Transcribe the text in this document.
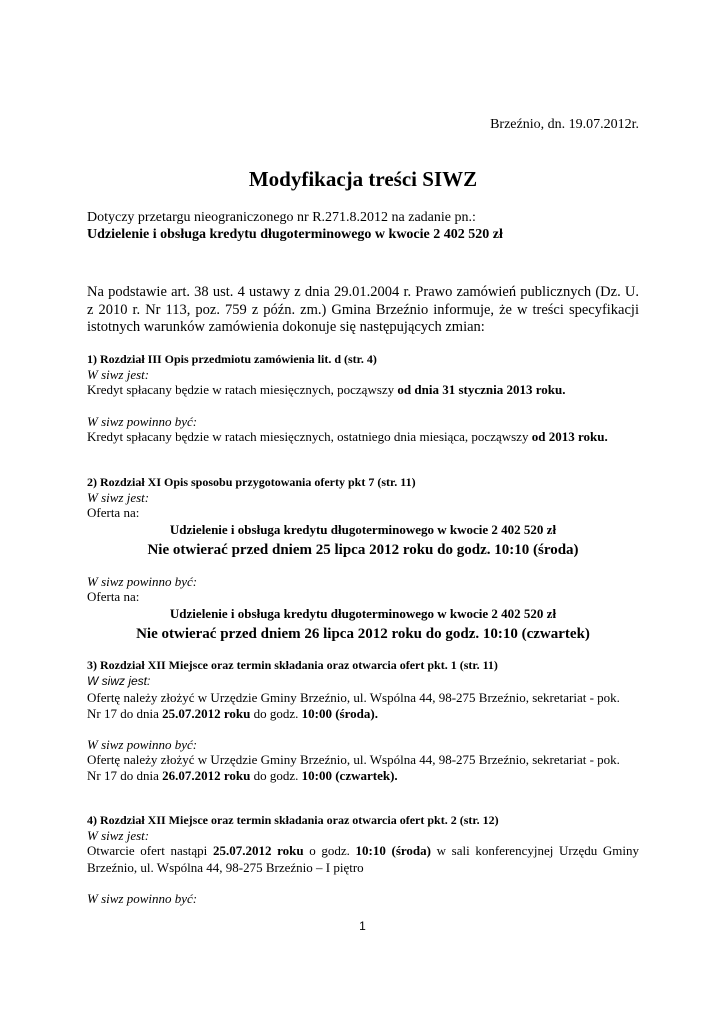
Brzeźnio, dn. 19.07.2012r.
Modyfikacja treści SIWZ
Dotyczy przetargu nieograniczonego nr R.271.8.2012 na zadanie pn.:
Udzielenie i obsługa kredytu długoterminowego w kwocie 2 402 520 zł
Na podstawie art. 38 ust. 4 ustawy z dnia 29.01.2004 r. Prawo zamówień publicznych (Dz. U. z 2010 r. Nr 113, poz. 759 z późn. zm.) Gmina Brzeźnio informuje, że w treści specyfikacji istotnych warunków zamówienia dokonuje się następujących zmian:
1) Rozdział III Opis przedmiotu zamówienia lit. d (str. 4)
W siwz jest:
Kredyt spłacany będzie w ratach miesięcznych, począwszy od dnia 31 stycznia 2013 roku.
W siwz powinno być:
Kredyt spłacany będzie w ratach miesięcznych, ostatniego dnia miesiąca, począwszy od 2013 roku.
2) Rozdział XI Opis sposobu przygotowania oferty pkt 7 (str. 11)
W siwz jest:
Oferta na:
Udzielenie i obsługa kredytu długoterminowego w kwocie 2 402 520 zł
Nie otwierać przed dniem 25 lipca 2012 roku do godz. 10:10 (środa)
W siwz powinno być:
Oferta na:
Udzielenie i obsługa kredytu długoterminowego w kwocie 2 402 520 zł
Nie otwierać przed dniem 26 lipca 2012 roku do godz. 10:10 (czwartek)
3) Rozdział XII Miejsce oraz termin składania oraz otwarcia ofert pkt. 1 (str. 11)
W siwz jest:
Ofertę należy złożyć w Urzędzie Gminy Brzeźnio, ul. Wspólna 44, 98-275 Brzeźnio, sekretariat - pok.
Nr 17 do dnia 25.07.2012 roku do godz. 10:00 (środa).
W siwz powinno być:
Ofertę należy złożyć w Urzędzie Gminy Brzeźnio, ul. Wspólna 44, 98-275 Brzeźnio, sekretariat - pok.
Nr 17 do dnia 26.07.2012 roku do godz. 10:00 (czwartek).
4) Rozdział XII Miejsce oraz termin składania oraz otwarcia ofert pkt. 2 (str. 12)
W siwz jest:
Otwarcie ofert nastąpi 25.07.2012 roku o godz. 10:10 (środa) w sali konferencyjnej Urzędu Gminy Brzeźnio, ul. Wspólna 44, 98-275 Brzeźnio – I piętro
W siwz powinno być:
1
